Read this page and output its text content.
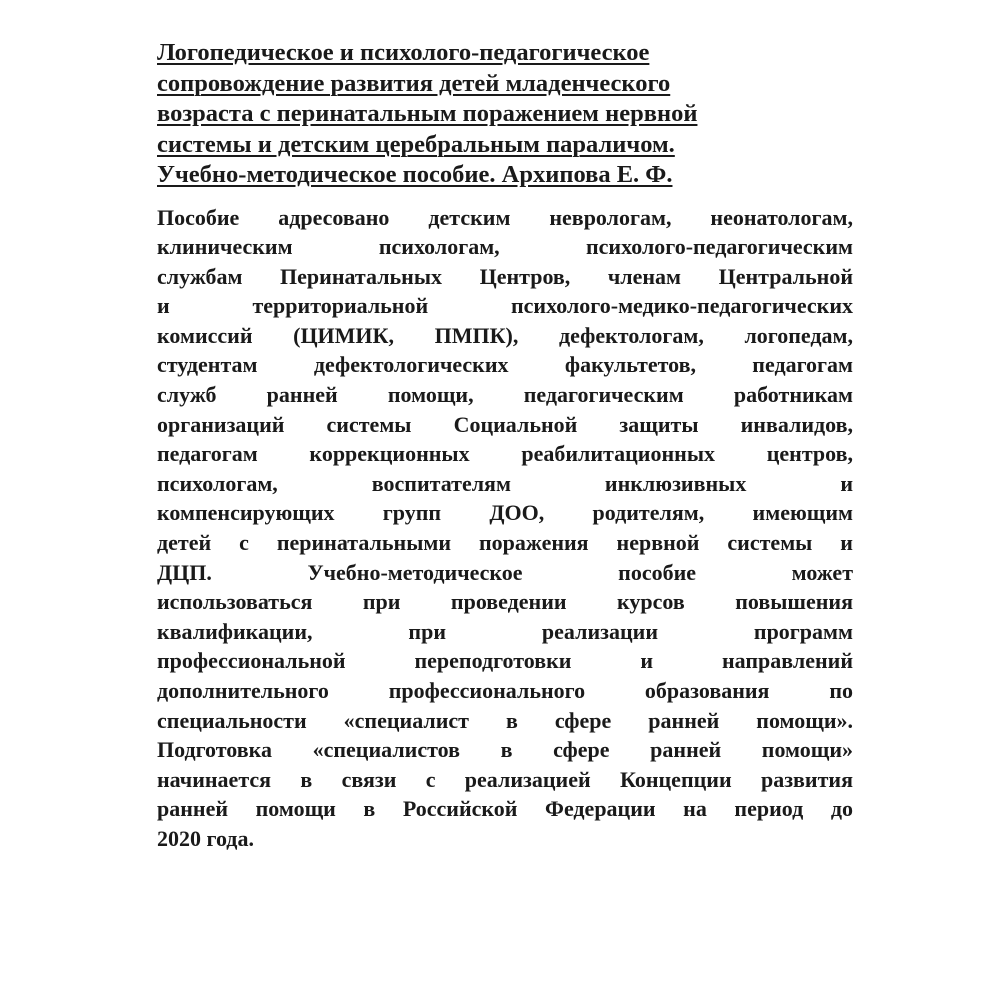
Логопедическое и психолого-педагогическое
сопровождение развития детей младенческого
возраста с перинатальным поражением нервной
системы и детским церебральным параличом.
Учебно-методическое пособие. Архипова Е. Ф.
Пособие адресовано детским неврологам, неонатологам,
клиническим психологам, психолого-педагогическим
службам Перинатальных Центров, членам Центральной
и территориальной психолого-медико-педагогических
комиссий (ЦИМИК, ПМПК), дефектологам, логопедам,
студентам дефектологических факультетов, педагогам
служб ранней помощи, педагогическим работникам
организаций системы Социальной защиты инвалидов,
педагогам коррекционных реабилитационных центров,
психологам, воспитателям инклюзивных и
компенсирующих групп ДОО, родителям, имеющим
детей с перинатальными поражения нервной системы и
ДЦП. Учебно-методическое пособие может
использоваться при проведении курсов повышения
квалификации, при реализации программ
профессиональной переподготовки и направлений
дополнительного профессионального образования по
специальности «специалист в сфере ранней помощи».
Подготовка «специалистов в сфере ранней помощи»
начинается в связи с реализацией Концепции развития
ранней помощи в Российской Федерации на период до
2020 года.
